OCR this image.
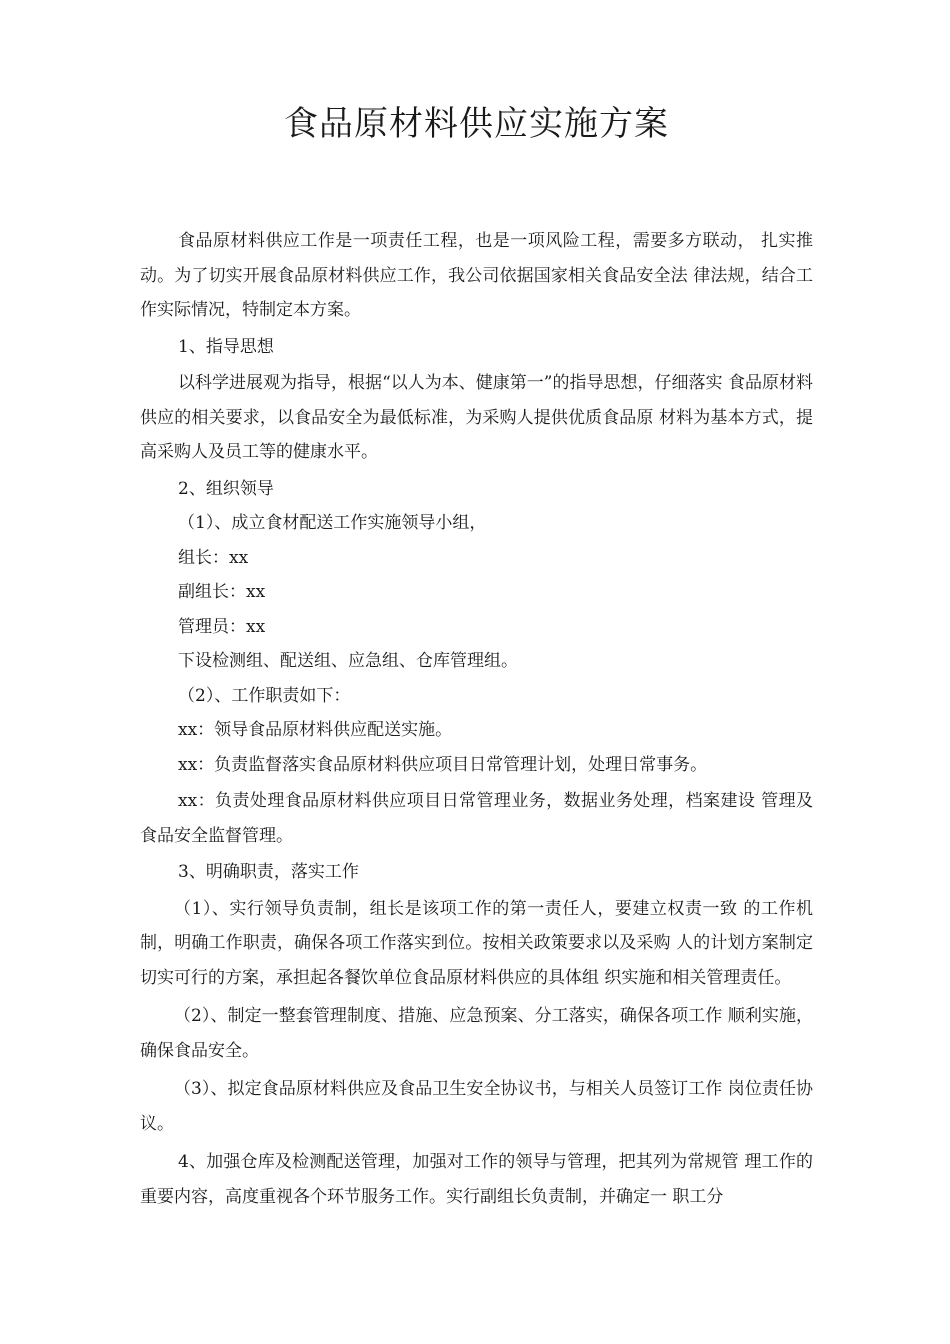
食品原材料供应实施方案

食品原材料供应工作是一项责任工程，也是一项风险工程，需要多方联动， 扎实推动。为了切实开展食品原材料供应工作，我公司依据国家相关食品安全法 律法规，结合工作实际情况，特制定本方案。

1、指导思想

以科学进展观为指导，根据“以人为本、健康第一”的指导思想，仔细落实 食品原材料供应的相关要求，以食品安全为最低标准，为采购人提供优质食品原 材料为基本方式，提高采购人及员工等的健康水平。

2、组织领导

（1）、成立食材配送工作实施领导小组，

组长：xx

副组长：xx

管理员：xx

下设检测组、配送组、应急组、仓库管理组。

（2）、工作职责如下：

xx：领导食品原材料供应配送实施。

xx：负责监督落实食品原材料供应项目日常管理计划，处理日常事务。

xx：负责处理食品原材料供应项目日常管理业务，数据业务处理，档案建设 管理及食品安全监督管理。

3、明确职责，落实工作

（1）、实行领导负责制，组长是该项工作的第一责任人，要建立权责一致 的工作机制，明确工作职责，确保各项工作落实到位。按相关政策要求以及采购 人的计划方案制定切实可行的方案，承担起各餐饮单位食品原材料供应的具体组 织实施和相关管理责任。

（2）、制定一整套管理制度、措施、应急预案、分工落实，确保各项工作 顺利实施，确保食品安全。

（3）、拟定食品原材料供应及食品卫生安全协议书，与相关人员签订工作 岗位责任协议。

4、加强仓库及检测配送管理，加强对工作的领导与管理，把其列为常规管 理工作的重要内容，高度重视各个环节服务工作。实行副组长负责制，并确定一 职工分
